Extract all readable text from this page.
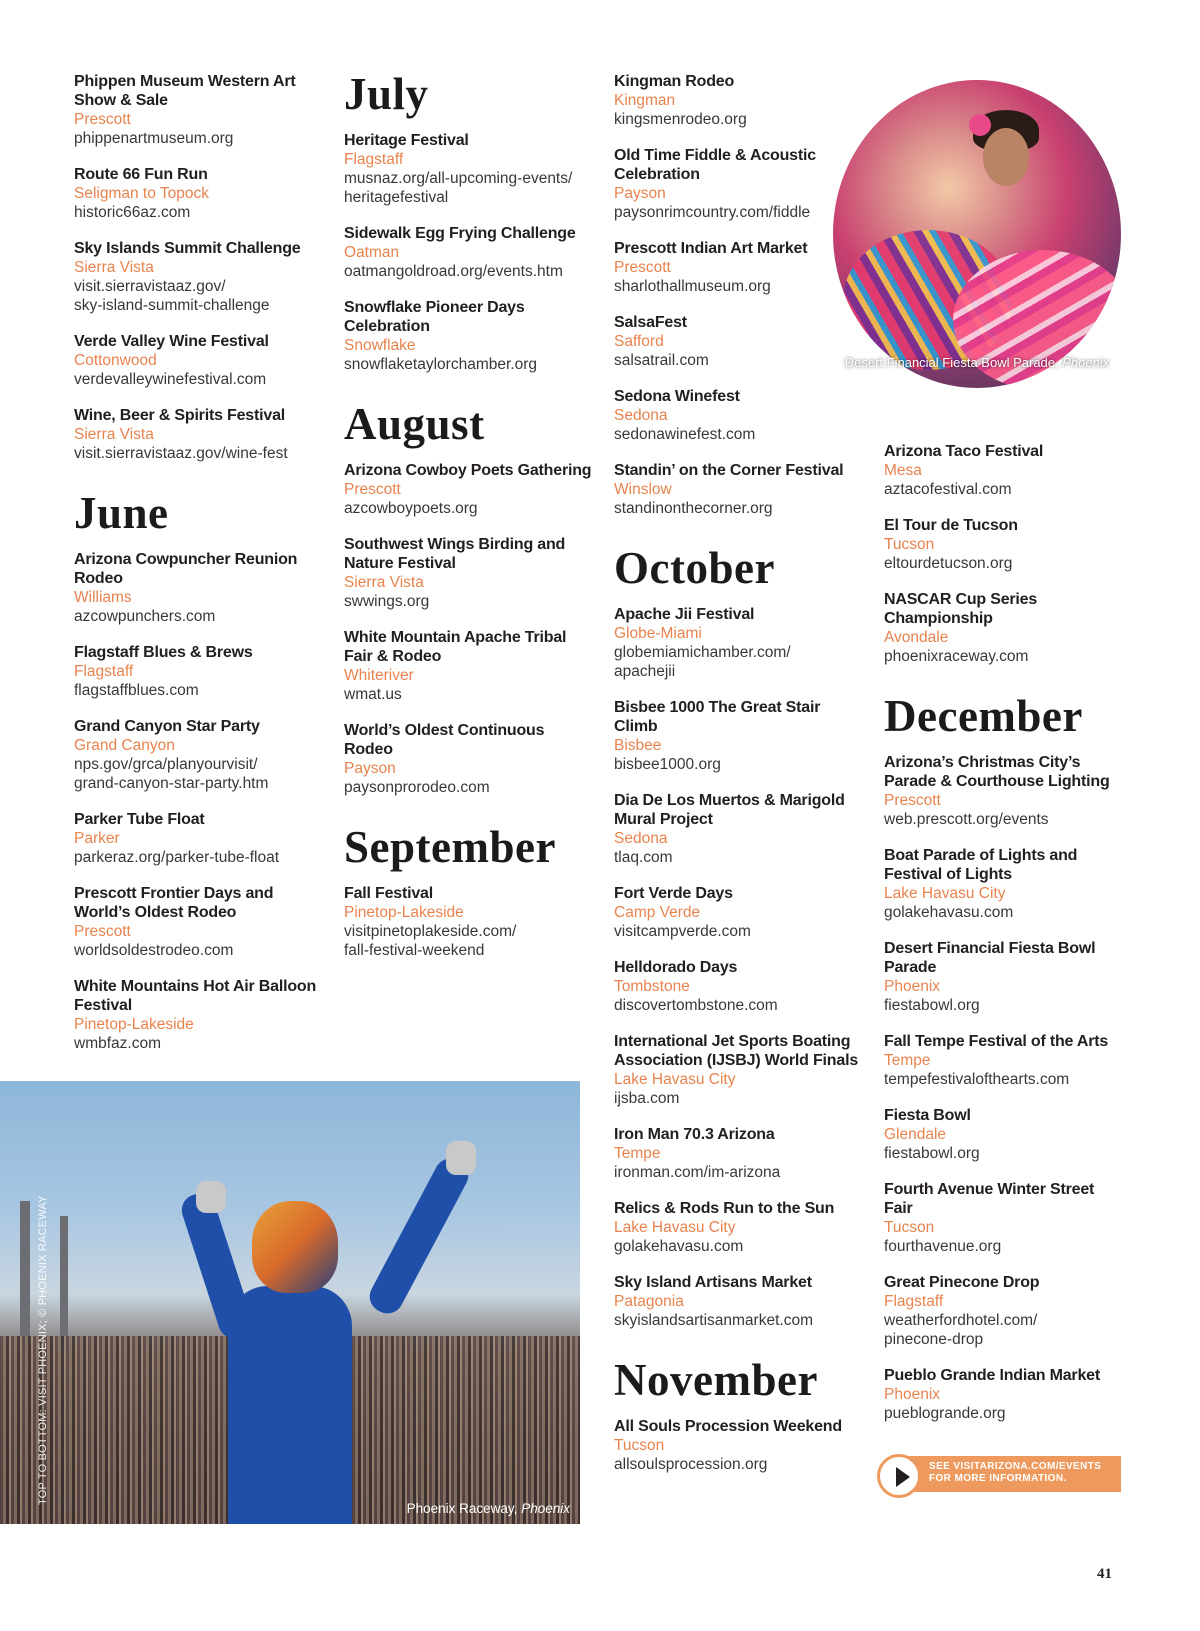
Phippen Museum Western Art Show & Sale
Prescott
phippenartmuseum.org
Route 66 Fun Run
Seligman to Topock
historic66az.com
Sky Islands Summit Challenge
Sierra Vista
visit.sierravistaaz.gov/
sky-island-summit-challenge
Verde Valley Wine Festival
Cottonwood
verdevalleywinefestival.com
Wine, Beer & Spirits Festival
Sierra Vista
visit.sierravistaaz.gov/wine-fest
June
Arizona Cowpuncher Reunion Rodeo
Williams
azcowpunchers.com
Flagstaff Blues & Brews
Flagstaff
flagstaffblues.com
Grand Canyon Star Party
Grand Canyon
nps.gov/grca/planyourvisit/
grand-canyon-star-party.htm
Parker Tube Float
Parker
parkeraz.org/parker-tube-float
Prescott Frontier Days and World’s Oldest Rodeo
Prescott
worldsoldestrodeo.com
White Mountains Hot Air Balloon Festival
Pinetop-Lakeside
wmbfaz.com
July
Heritage Festival
Flagstaff
musnaz.org/all-upcoming-events/
heritagefestival
Sidewalk Egg Frying Challenge
Oatman
oatmangoldroad.org/events.htm
Snowflake Pioneer Days Celebration
Snowflake
snowflaketaylorchamber.org
August
Arizona Cowboy Poets Gathering
Prescott
azcowboypoets.org
Southwest Wings Birding and Nature Festival
Sierra Vista
swwings.org
White Mountain Apache Tribal Fair & Rodeo
Whiteriver
wmat.us
World’s Oldest Continuous Rodeo
Payson
paysonprorodeo.com
September
Fall Festival
Pinetop-Lakeside
visitpinetoplakeside.com/
fall-festival-weekend
Kingman Rodeo
Kingman
kingsmenrodeo.org
Old Time Fiddle & Acoustic Celebration
Payson
paysonrimcountry.com/fiddle
Prescott Indian Art Market
Prescott
sharlothallmuseum.org
SalsaFest
Safford
salsatrail.com
Sedona Winefest
Sedona
sedonawinefest.com
Standin’ on the Corner Festival
Winslow
standinonthecorner.org
October
Apache Jii Festival
Globe-Miami
globemiamichamber.com/
apachejii
Bisbee 1000 The Great Stair Climb
Bisbee
bisbee1000.org
Dia De Los Muertos & Marigold Mural Project
Sedona
tlaq.com
Fort Verde Days
Camp Verde
visitcampverde.com
Helldorado Days
Tombstone
discovertombstone.com
International Jet Sports Boating Association (IJSBJ) World Finals
Lake Havasu City
ijsba.com
Iron Man 70.3 Arizona
Tempe
ironman.com/im-arizona
Relics & Rods Run to the Sun
Lake Havasu City
golakehavasu.com
Sky Island Artisans Market
Patagonia
skyislandsartisanmarket.com
November
All Souls Procession Weekend
Tucson
allsoulsprocession.org
Arizona Taco Festival
Mesa
aztacofestival.com
El Tour de Tucson
Tucson
eltourdetucson.org
NASCAR Cup Series Championship
Avondale
phoenixraceway.com
December
Arizona’s Christmas City’s Parade & Courthouse Lighting
Prescott
web.prescott.org/events
Boat Parade of Lights and Festival of Lights
Lake Havasu City
golakehavasu.com
Desert Financial Fiesta Bowl Parade
Phoenix
fiestabowl.org
Fall Tempe Festival of the Arts
Tempe
tempefestivalofthearts.com
Fiesta Bowl
Glendale
fiestabowl.org
Fourth Avenue Winter Street Fair
Tucson
fourthavenue.org
Great Pinecone Drop
Flagstaff
weatherfordhotel.com/
pinecone-drop
Pueblo Grande Indian Market
Phoenix
pueblogrande.org
Desert Financial Fiesta Bowl Parade, Phoenix
TOP TO BOTTOM: VISIT PHOENIX; © PHOENIX RACEWAY
Phoenix Raceway, Phoenix
SEE VISITARIZONA.COM/EVENTS
FOR MORE INFORMATION.
41
